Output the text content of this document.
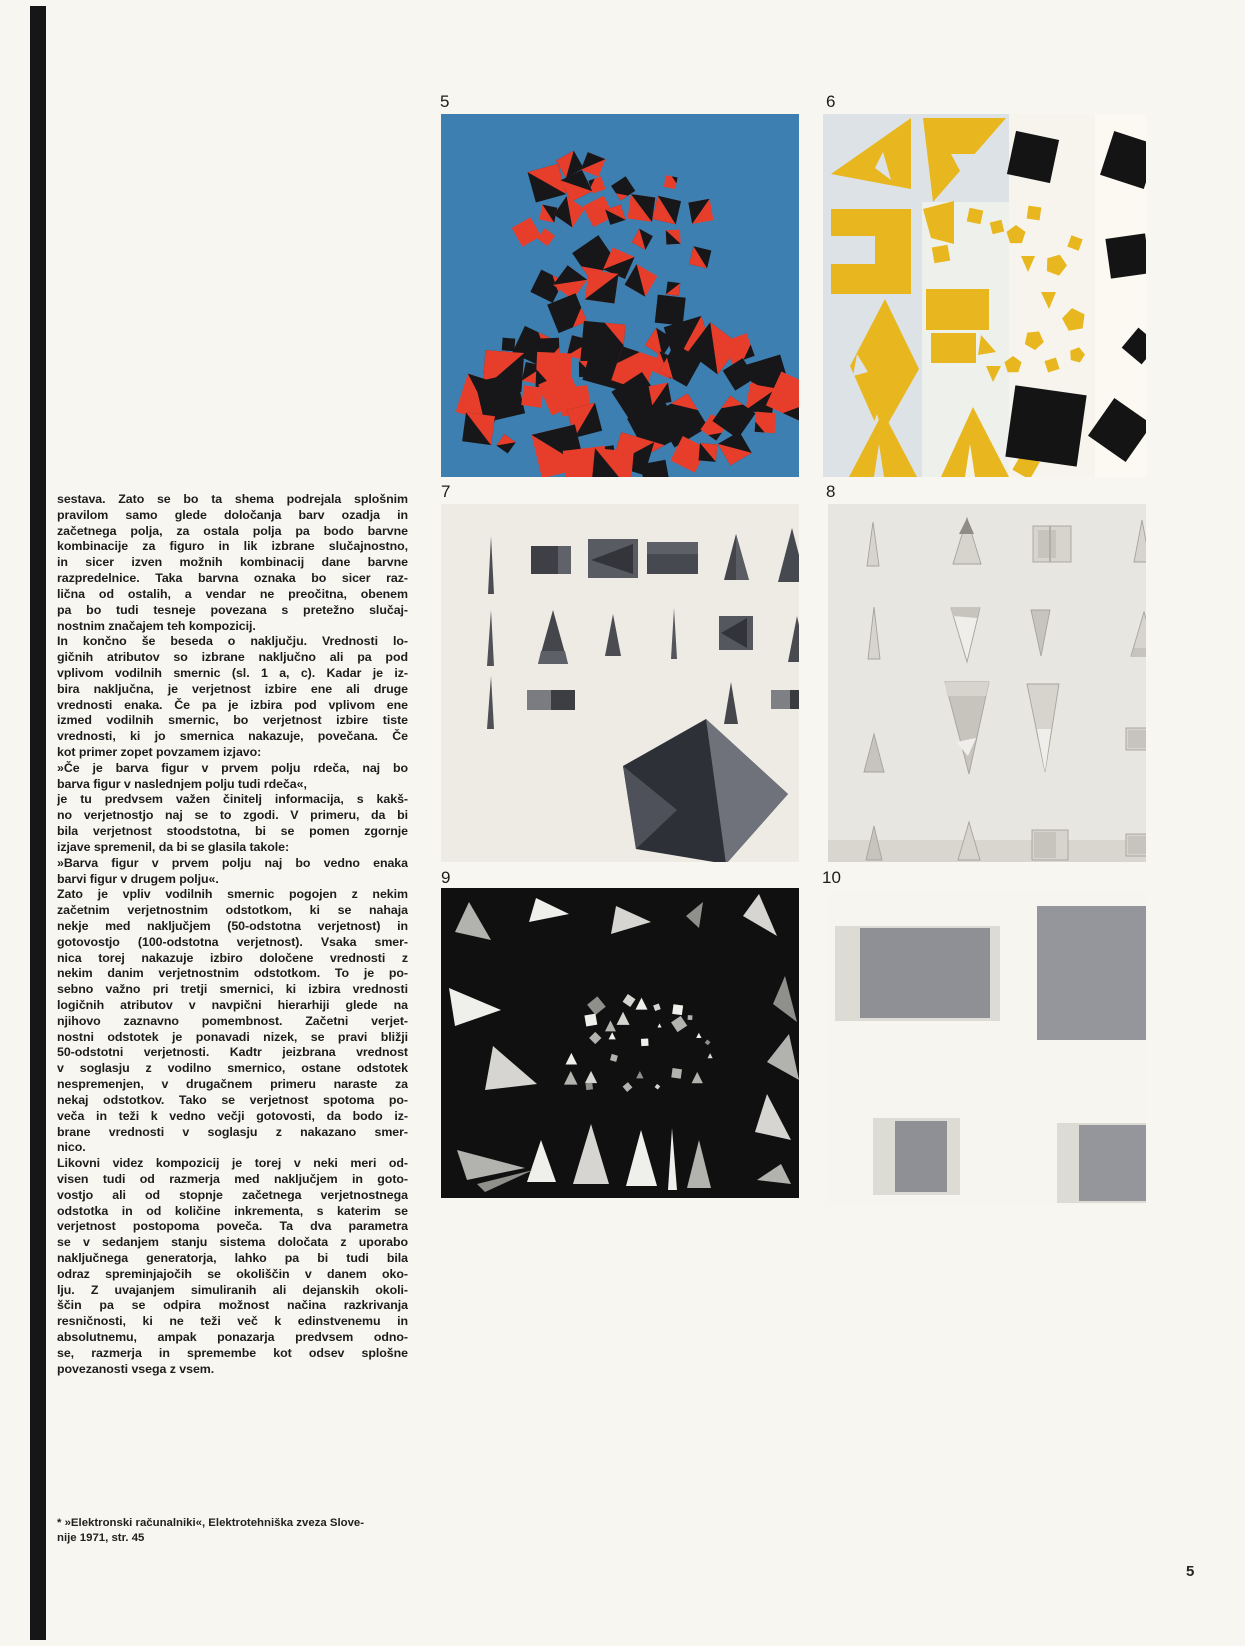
sestava. Zato se bo ta shema podrejala splošnim
pravilom samo glede določanja barv ozadja in
začetnega polja, za ostala polja pa bodo barvne
kombinacije za figuro in lik izbrane slučajnostno,
in sicer izven možnih kombinacij dane barvne
razpredelnice. Taka barvna oznaka bo sicer raz-
lična od ostalih, a vendar ne preočitna, obenem
pa bo tudi tesneje povezana s pretežno slučaj-
nostnim značajem teh kompozicij.
In končno še beseda o naključju. Vrednosti lo-
gičnih atributov so izbrane naključno ali pa pod
vplivom vodilnih smernic (sl. 1 a, c). Kadar je iz-
bira naključna, je verjetnost izbire ene ali druge
vrednosti enaka. Če pa je izbira pod vplivom ene
izmed vodilnih smernic, bo verjetnost izbire tiste
vrednosti, ki jo smernica nakazuje, povečana. Če
kot primer zopet povzamem izjavo:
»Če je barva figur v prvem polju rdeča, naj bo
barva figur v naslednjem polju tudi rdeča«,
je tu predvsem važen činitelj informacija, s kakš-
no verjetnostjo naj se to zgodi. V primeru, da bi
bila verjetnost stoodstotna, bi se pomen zgornje
izjave spremenil, da bi se glasila takole:
»Barva figur v prvem polju naj bo vedno enaka
barvi figur v drugem polju«.
Zato je vpliv vodilnih smernic pogojen z nekim
začetnim verjetnostnim odstotkom, ki se nahaja
nekje med naključjem (50-odstotna verjetnost) in
gotovostjo (100-odstotna verjetnost). Vsaka smer-
nica torej nakazuje izbiro določene vrednosti z
nekim danim verjetnostnim odstotkom. To je po-
sebno važno pri tretji smernici, ki izbira vrednosti
logičnih atributov v navpični hierarhiji glede na
njihovo zaznavno pomembnost. Začetni verjet-
nostni odstotek je ponavadi nizek, se pravi bližji
50-odstotni verjetnosti. Kadtr jeizbrana vrednost
v soglasju z vodilno smernico, ostane odstotek
nespremenjen, v drugačnem primeru naraste za
nekaj odstotkov. Tako se verjetnost spotoma po-
veča in teži k vedno večji gotovosti, da bodo iz-
brane vrednosti v soglasju z nakazano smer-
nico.
Likovni videz kompozicij je torej v neki meri od-
visen tudi od razmerja med naključjem in goto-
vostjo ali od stopnje začetnega verjetnostnega
odstotka in od količine inkrementa, s katerim se
verjetnost postopoma poveča. Ta dva parametra
se v sedanjem stanju sistema določata z uporabo
naključnega generatorja, lahko pa bi tudi bila
odraz spreminjajočih se okoliščin v danem oko-
lju. Z uvajanjem simuliranih ali dejanskih okoli-
ščin pa se odpira možnost načina razkrivanja
resničnosti, ki ne teži več k edinstvenemu in
absolutnemu, ampak ponazarja predvsem odno-
se, razmerja in spremembe kot odsev splošne
povezanosti vsega z vsem.
5	6
7	8
9	10
* »Elektronski računalniki«, Elektrotehniška zveza Slove-
nije 1971, str. 45
5
